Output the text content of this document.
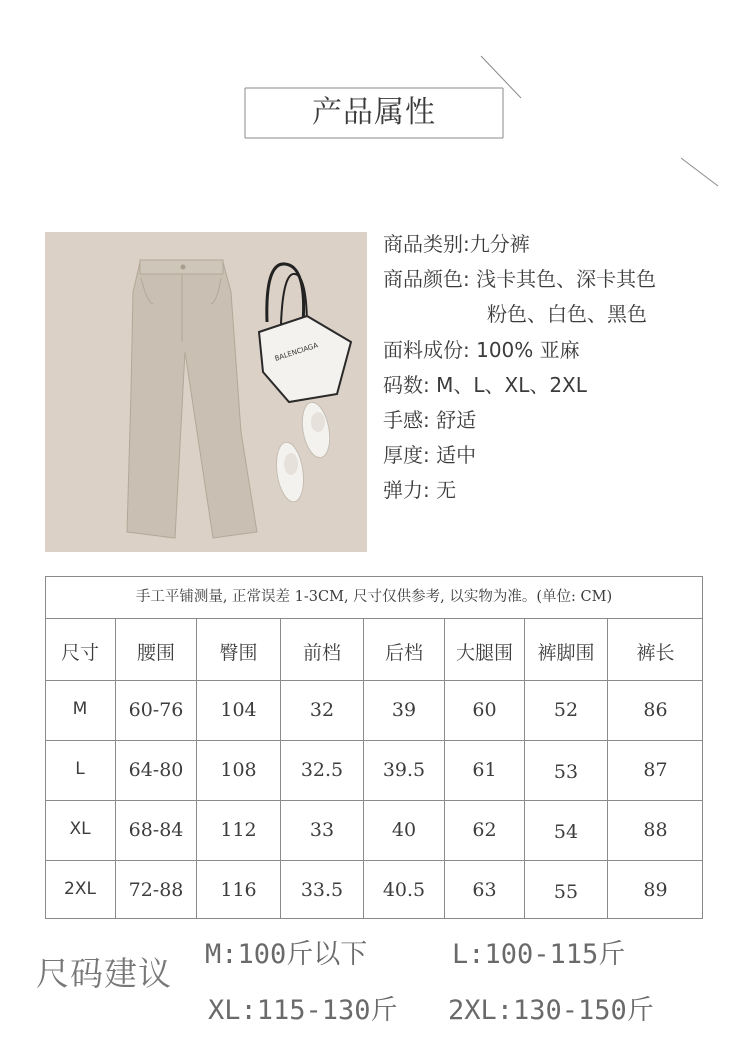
产品属性
BALENCIAGA
商品类别:九分裤
商品颜色: 浅卡其色、深卡其色
粉色、白色、黑色
面料成份: 100% 亚麻
码数: M、L、XL、2XL
手感: 舒适
厚度: 适中
弹力: 无
手工平铺测量, 正常误差 1-3CM, 尺寸仅供参考, 以实物为准。(单位: CM)
尺寸	腰围	臀围	前档	后档	大腿围	裤脚围	裤长
M	60-76	104	32	39	60	52	86
L	64-80	108	32.5	39.5	61	53	87
XL	68-84	112	33	40	62	54	88
2XL	72-88	116	33.5	40.5	63	55	89
尺码建议 M:100斤以下	L:100-115斤
XL:115-130斤 2XL:130-150斤
